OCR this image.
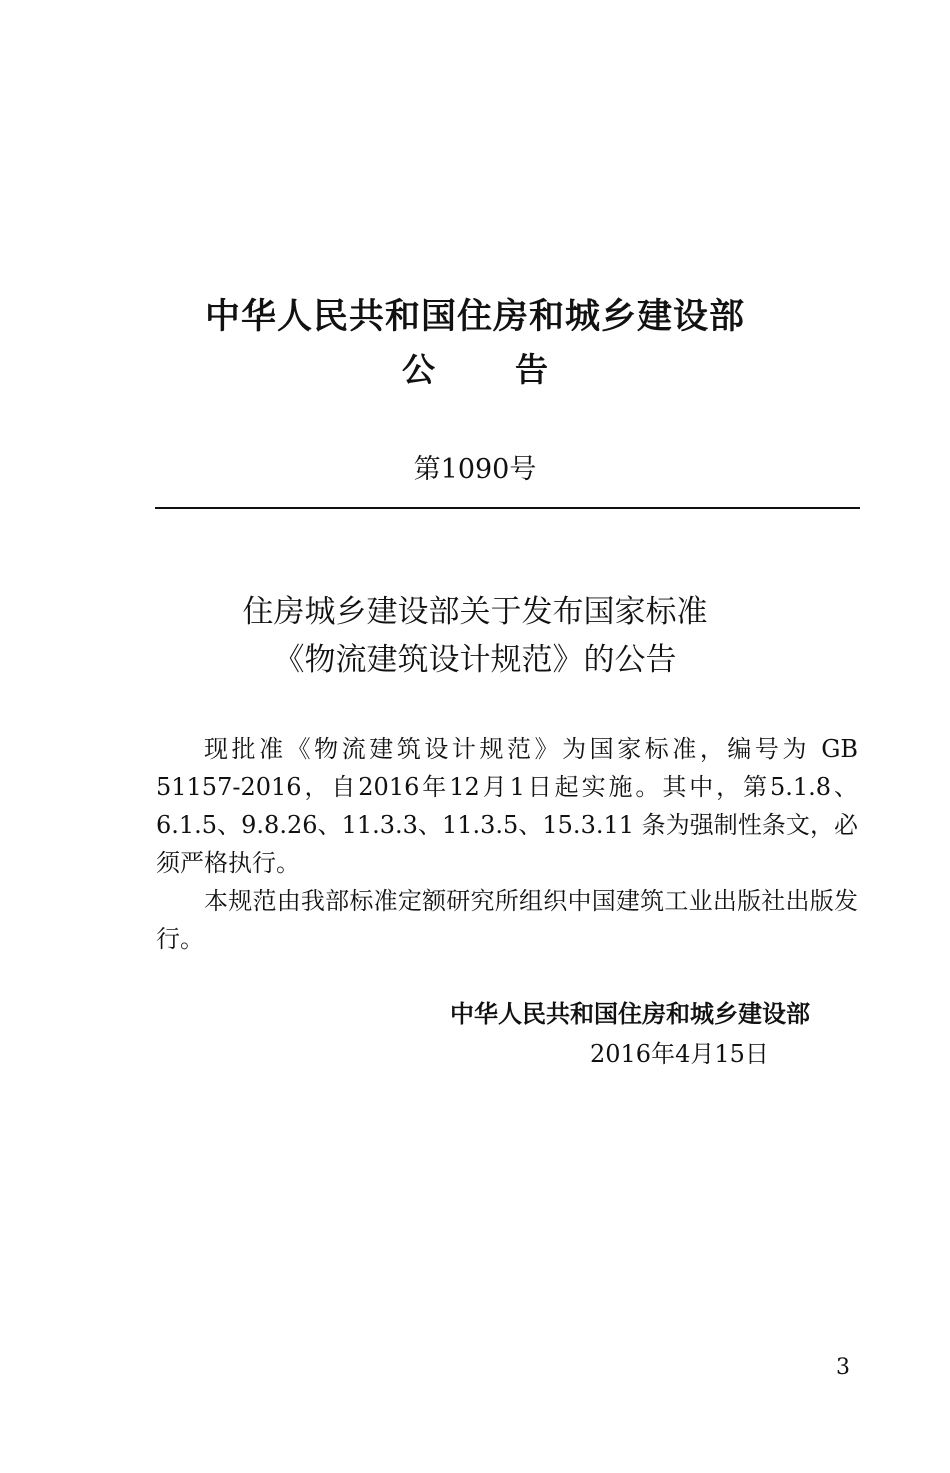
中华人民共和国住房和城乡建设部
公 告
第1090号
住房城乡建设部关于发布国家标准
《物流建筑设计规范》的公告

现批准《物流建筑设计规范》为国家标准，编号为 GB 51157-2016，自2016年12月1日起实施。其中，第5.1.8、6.1.5、9.8.26、11.3.3、11.3.5、15.3.11 条为强制性条文，必须严格执行。

本规范由我部标准定额研究所组织中国建筑工业出版社出版发行。

中华人民共和国住房和城乡建设部
2016年4月15日
3
